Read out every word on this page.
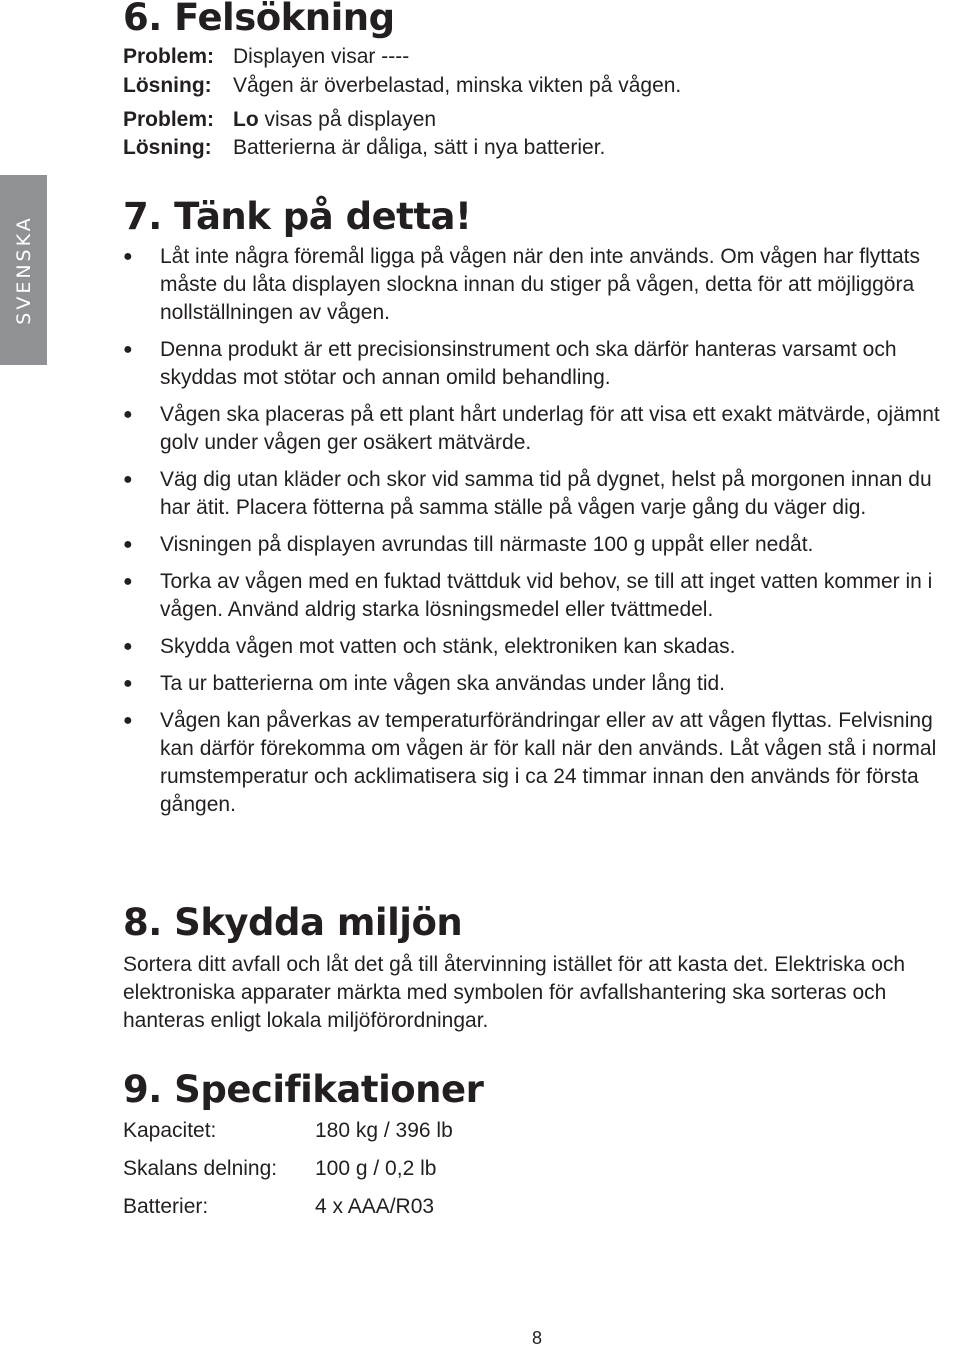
SVENSKA
6. Felsökning
Problem: Displayen visar ----
Lösning: Vågen är överbelastad, minska vikten på vågen.
Problem: Lo visas på displayen
Lösning: Batterierna är dåliga, sätt i nya batterier.
7. Tänk på detta!
●	Låt inte några föremål ligga på vågen när den inte används. Om vågen har flyttats måste du låta displayen slockna innan du stiger på vågen, detta för att möjliggöra nollställningen av vågen.
●	Denna produkt är ett precisionsinstrument och ska därför hanteras varsamt och skyddas mot stötar och annan omild behandling.
●	Vågen ska placeras på ett plant hårt underlag för att visa ett exakt mätvärde, ojämnt golv under vågen ger osäkert mätvärde.
●	Väg dig utan kläder och skor vid samma tid på dygnet, helst på morgonen innan du har ätit. Placera fötterna på samma ställe på vågen varje gång du väger dig.
●	Visningen på displayen avrundas till närmaste 100 g uppåt eller nedåt.
●	Torka av vågen med en fuktad tvättduk vid behov, se till att inget vatten kommer in i vågen. Använd aldrig starka lösningsmedel eller tvättmedel.
●	Skydda vågen mot vatten och stänk, elektroniken kan skadas.
●	Ta ur batterierna om inte vågen ska användas under lång tid.
●	Vågen kan påverkas av temperaturförändringar eller av att vågen flyttas. Felvisning kan därför förekomma om vågen är för kall när den används. Låt vågen stå i normal rumstemperatur och acklimatisera sig i ca 24 timmar innan den används för första gången.
8. Skydda miljön
Sortera ditt avfall och låt det gå till återvinning istället för att kasta det. Elektriska och elektroniska apparater märkta med symbolen för avfallshantering ska sorteras och hanteras enligt lokala miljöförordningar.
9. Specifikationer
Kapacitet:	180 kg / 396 lb
Skalans delning: 100 g / 0,2 lb
Batterier:	4 x AAA/R03
8
